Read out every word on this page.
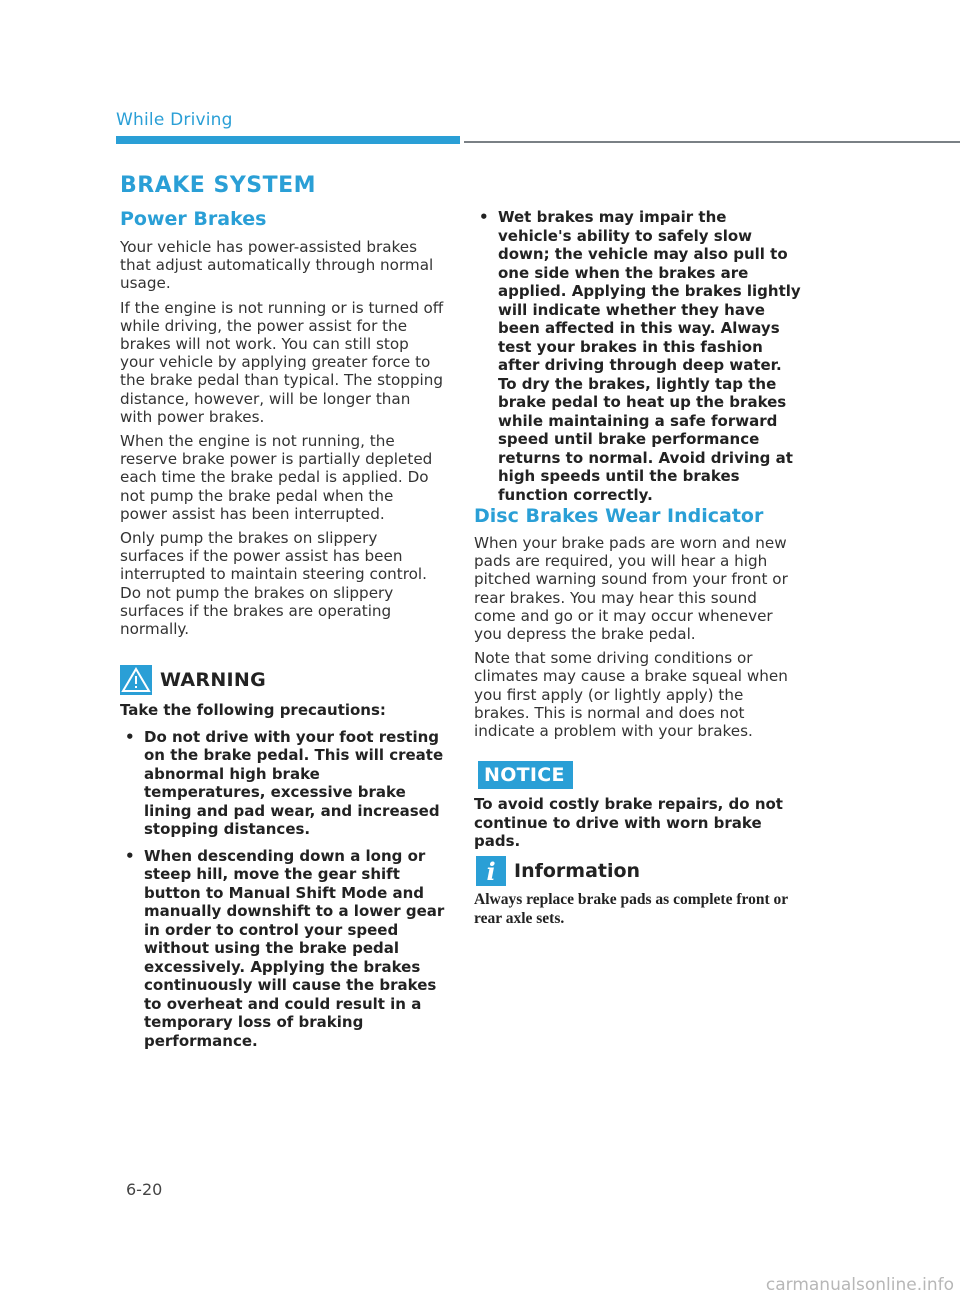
While Driving
BRAKE SYSTEM
Power Brakes

Your vehicle has power-assisted brakes that adjust automatically through normal usage.

If the engine is not running or is turned off while driving, the power assist for the brakes will not work. You can still stop your vehicle by applying greater force to the brake pedal than typical. The stopping distance, however, will be longer than with power brakes.

When the engine is not running, the reserve brake power is partially depleted each time the brake pedal is applied. Do not pump the brake pedal when the power assist has been interrupted.

Only pump the brakes on slippery surfaces if the power assist has been interrupted to maintain steering control. Do not pump the brakes on slippery surfaces if the brakes are operating normally.

WARNING

Take the following precautions:

• Do not drive with your foot resting on the brake pedal. This will create abnormal high brake temperatures, excessive brake lining and pad wear, and increased stopping distances.
• When descending down a long or steep hill, move the gear shift button to Manual Shift Mode and manually downshift to a lower gear in order to control your speed without using the brake pedal excessively. Applying the brakes continuously will cause the brakes to overheat and could result in a temporary loss of braking performance.
• Wet brakes may impair the vehicle's ability to safely slow down; the vehicle may also pull to one side when the brakes are applied. Applying the brakes lightly will indicate whether they have been affected in this way. Always test your brakes in this fashion after driving through deep water. To dry the brakes, lightly tap the brake pedal to heat up the brakes while maintaining a safe forward speed until brake performance returns to normal. Avoid driving at high speeds until the brakes function correctly.
Disc Brakes Wear Indicator

When your brake pads are worn and new pads are required, you will hear a high pitched warning sound from your front or rear brakes. You may hear this sound come and go or it may occur whenever you depress the brake pedal.

Note that some driving conditions or climates may cause a brake squeal when you first apply (or lightly apply) the brakes. This is normal and does not indicate a problem with your brakes.

NOTICE

To avoid costly brake repairs, do not continue to drive with worn brake pads.

i Information

Always replace brake pads as complete front or rear axle sets.

6-20
carmanualsonline.info
